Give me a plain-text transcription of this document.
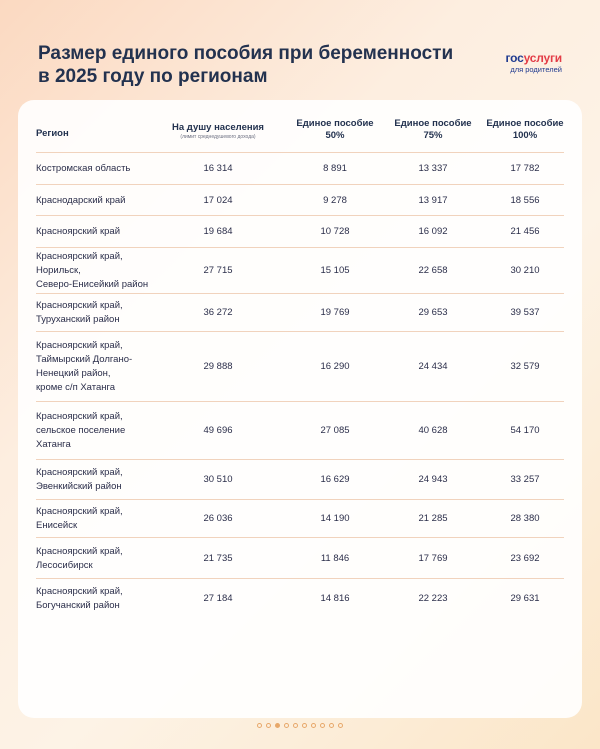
Размер единого пособия при беременности
в 2025 году по регионам
госуслуги
для родителей
Регион
На душу населения
(лимит среднедушевого дохода)
Единое пособие
50%
Единое пособие
75%
Единое пособие
100%
Костромская область	16 314	8 891	13 337	17 782
Краснодарский край	17 024	9 278	13 917	18 556
Красноярский край	19 684	10 728	16 092	21 456
Красноярский край,
Норильск,
Северо-Енисейкий район
27 715	15 105	22 658	30 210
Красноярский край,
Туруханский район
36 272	19 769	29 653	39 537
Красноярский край,
Таймырский Долгано-
Ненецкий район,
кроме с/п Хатанга
29 888	16 290	24 434	32 579
Красноярский край,
сельское поселение
Хатанга
49 696	27 085	40 628	54 170
Красноярский край,
Эвенкийский район
30 510	16 629	24 943	33 257
Красноярский край,
Енисейск
26 036	14 190	21 285	28 380
Красноярский край,
Лесосибирск
21 735	11 846	17 769	23 692
Красноярский край,
Богучанский район
27 184	14 816	22 223	29 631
